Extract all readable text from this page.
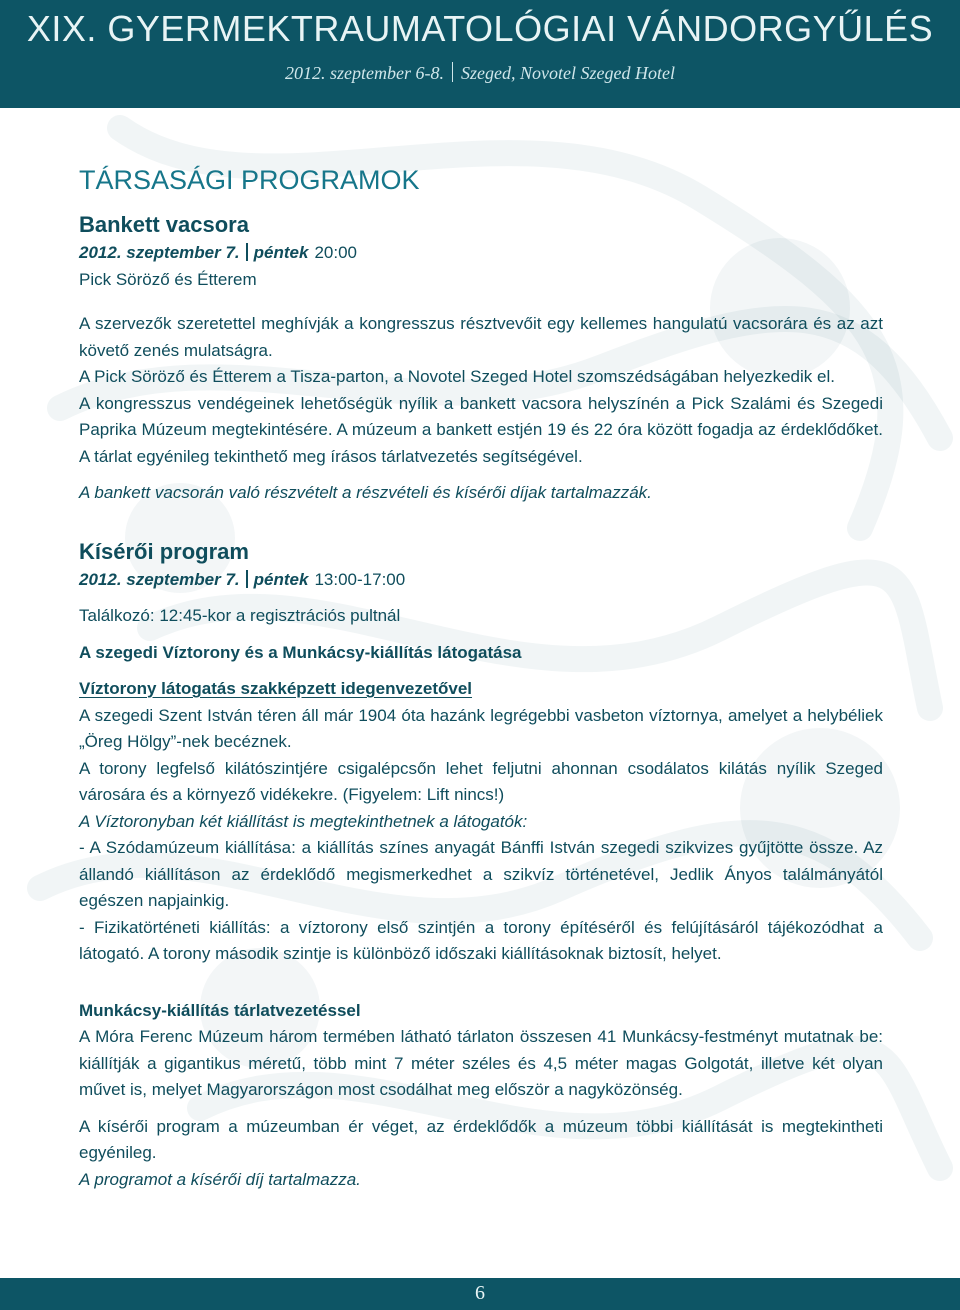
XIX. GYERMEKTRAUMATOLÓGIAI VÁNDORGYŰLÉS
2012. szeptember 6-8. Szeged, Novotel Szeged Hotel

TÁRSASÁGI PROGRAMOK

Bankett vacsora

2012. szeptember 7. péntek 20:00

Pick Söröző és Étterem

A szervezők szeretettel meghívják a kongresszus résztvevőit egy kellemes hangulatú vacsorára és az azt követő zenés mulatságra.

A Pick Söröző és Étterem a Tisza-parton, a Novotel Szeged Hotel szomszédságában helyezkedik el.

A kongresszus vendégeinek lehetőségük nyílik a bankett vacsora helyszínén a Pick Szalámi és Szegedi Paprika Múzeum megtekintésére. A múzeum a bankett estjén 19 és 22 óra között fogadja az érdeklődőket. A tárlat egyénileg tekinthető meg írásos tárlatvezetés segítségével.

A bankett vacsorán való részvételt a részvételi és kísérői díjak tartalmazzák.

Kísérői program

2012. szeptember 7. péntek 13:00-17:00

Találkozó: 12:45-kor a regisztrációs pultnál

A szegedi Víztorony és a Munkácsy-kiállítás látogatása

Víztorony látogatás szakképzett idegenvezetővel

A szegedi Szent István téren áll már 1904 óta hazánk legrégebbi vasbeton víztornya, amelyet a helybéliek „Öreg Hölgy”-nek becéznek.

A torony legfelső kilátószintjére csigalépcsőn lehet feljutni ahonnan csodálatos kilátás nyílik Szeged városára és a környező vidékekre. (Figyelem: Lift nincs!)

A Víztoronyban két kiállítást is megtekinthetnek a látogatók:

- A Szódamúzeum kiállítása: a kiállítás színes anyagát Bánffi István szegedi szikvizes gyűjtötte össze. Az állandó kiállításon az érdeklődő megismerkedhet a szikvíz történetével, Jedlik Ányos találmányától egészen napjainkig.

- Fizikatörténeti kiállítás: a víztorony első szintjén a torony építéséről és felújításáról tájékozódhat a látogató. A torony második szintje is különböző időszaki kiállításoknak biztosít, helyet.

Munkácsy-kiállítás tárlatvezetéssel

A Móra Ferenc Múzeum három termében látható tárlaton összesen 41 Munkácsy-festményt mutatnak be: kiállítják a gigantikus méretű, több mint 7 méter széles és 4,5 méter magas Golgotát, illetve két olyan művet is, melyet Magyarországon most csodálhat meg először a nagyközönség.

A kísérői program a múzeumban ér véget, az érdeklődők a múzeum többi kiállítását is megtekintheti egyénileg.

A programot a kísérői díj tartalmazza.

6
